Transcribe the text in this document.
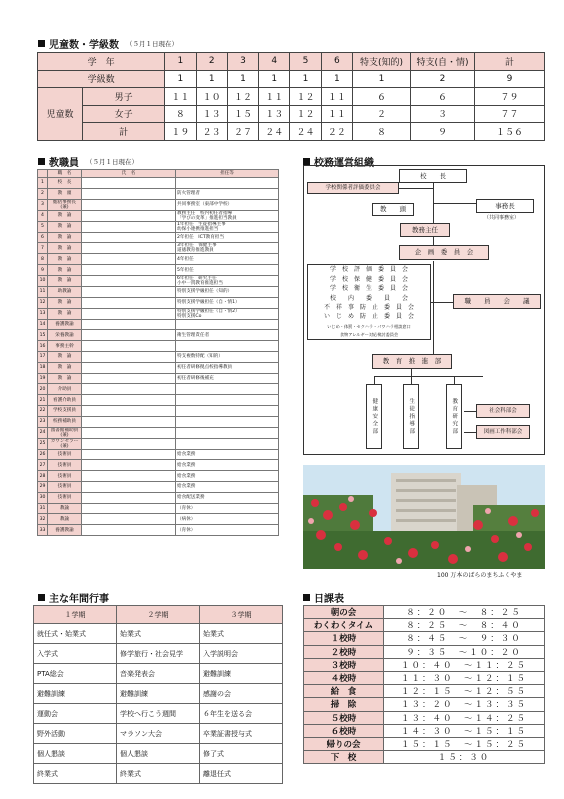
児童数・学級数 （５月１日現在）
学　年		1	2	3	4	5	6	特支(知的)	特支(自・情)	計
学級数		1	1	1	1	1	1	1	2	9
児童数	男子	１１	１０	１２	１１	１２	１１	６	６	７９
	女子	８	１３	１５	１３	１２	１１	２	３	７７
	計	１９	２３	２７	２４	２４	２２	８	９	１５６
教職員 （５月１日現在）
	職　名	氏　名	担任等
1	校　長		
2	教　頭		防火管理者
3	総括事務長(兼)		共同事務室（東部中学校）
4	教　諭		教務主任　校内初任者指導
「学びの変革」推進担当教員
5	教　諭		1年担任　生徒指導主事
幼保小連携推進担当
6	教　諭		2年担任　ICT教育担当
7	教　諭		3年担任　保健主事
道徳教育推進教員
8	教　諭		4年担任
9	教　諭		5年担任
10	教　諭		6年担任　研究主任
小中一貫教育推進担当
11	助教諭		特別支援学級担任（知的）
12	教　諭		特別支援学級担任（自・情1）
13	教　諭		特別支援学級担任（自・情2）
特別支援Co
14	養護教諭		
15	栄養教諭		衛生管理責任者
16	事務主幹		
17	教　諭		特支複数特配（知的）
18	教　諭		初任者研修拠点校指導教員
19	教　諭		初任者研修後補充
20	介助員		
21	看護介助員		
22	学校支援員		
23	校務補助員		
24	図書館補助員(兼)		
25	カウンセラー(兼)		
26	技術員		給食業務
27	技術員		給食業務
28	技術員		給食業務
29	技術員		給食業務
30	技術員		給食配送業務
31	教諭		（育休）
32	教諭		（病休）
33	養護教諭		（育休）
校務運営組織
校　　長
学校関係者評価委員会
教　　頭	事務長
（共同事務室）
教務主任
企　画　委　員　会
学　校　評　価　委　員　会
学　校　保　健　委　員　会
学　校　衛　生　委　員　会
校　　内　　委　　員　　会
不　祥　事　防　止　委　員　会
い　じ　め　防　止　委　員　会
いじめ・体罰・セクハラ・パワハラ相談窓口
食物アレルギー対応検討委員会
職　　員　　会　　議
教　育　推　進　部
健康安全部	生徒指導部	教育研究部	社会科部会
図画工作科部会
100 万本のばらのまちふくやま
主な年間行事
１学期	２学期	３学期
就任式・始業式	始業式	始業式
入学式	修学旅行・社会見学	入学説明会
PTA総会	音楽発表会	避難訓練
避難訓練	避難訓練	感謝の会
運動会	学校へ行こう週間	６年生を送る会
野外活動	マラソン大会	卒業証書授与式
個人懇談	個人懇談	修了式
終業式	終業式	離退任式
日課表
朝の会	８：２０　～　８：２５
わくわくタイム	８：２５　～　８：４０
１校時	８：４５　～　９：３０
２校時	９：３５　～１０：２０
３校時	１０：４０　～１１：２５
４校時	１１：３０　～１２：１５
給　食	１２：１５　～１２：５５
掃　除	１３：２０　～１３：３５
５校時	１３：４０　～１４：２５
６校時	１４：３０　～１５：１５
帰りの会	１５：１５　～１５：２５
下　校	１５：３０
